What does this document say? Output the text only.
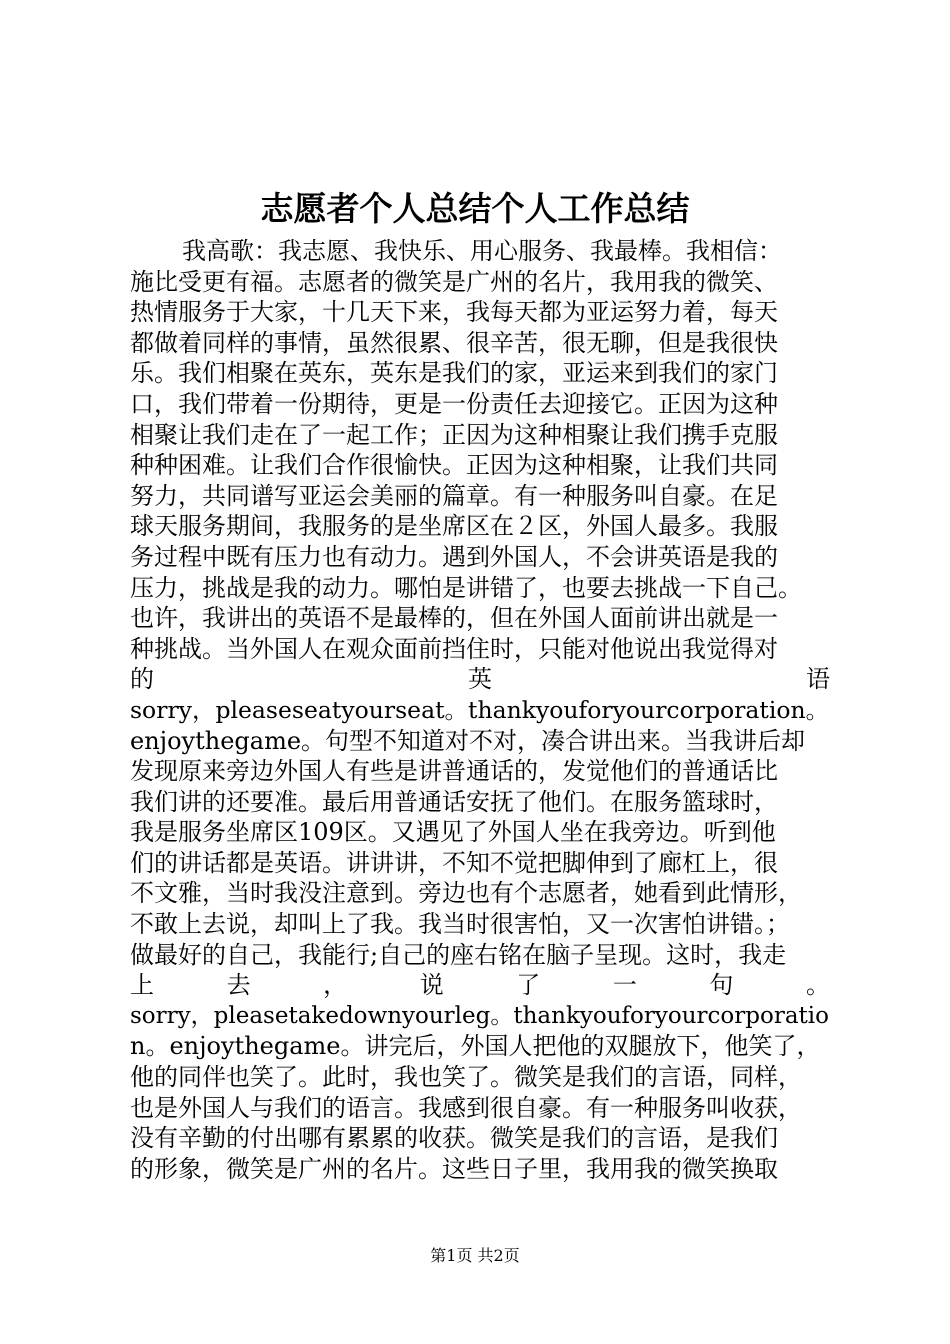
志愿者个人总结个人工作总结
我高歌：我志愿、我快乐、用心服务、我最棒。我相信：
施比受更有福。志愿者的微笑是广州的名片，我用我的微笑、
热情服务于大家，十几天下来，我每天都为亚运努力着，每天
都做着同样的事情，虽然很累、很辛苦，很无聊，但是我很快
乐。我们相聚在英东，英东是我们的家，亚运来到我们的家门
口，我们带着一份期待，更是一份责任去迎接它。正因为这种
相聚让我们走在了一起工作；正因为这种相聚让我们携手克服
种种困难。让我们合作很愉快。正因为这种相聚，让我们共同
努力，共同谱写亚运会美丽的篇章。有一种服务叫自豪。在足
球天服务期间，我服务的是坐席区在２区，外国人最多。我服
务过程中既有压力也有动力。遇到外国人，不会讲英语是我的
压力，挑战是我的动力。哪怕是讲错了，也要去挑战一下自己。
也许，我讲出的英语不是最棒的，但在外国人面前讲出就是一
种挑战。当外国人在观众面前挡住时，只能对他说出我觉得对
的	英	语
sorry，pleaseseatyourseat。thankyouforyourcorporation。
enjoythegame。句型不知道对不对，凑合讲出来。当我讲后却
发现原来旁边外国人有些是讲普通话的，发觉他们的普通话比
我们讲的还要准。最后用普通话安抚了他们。在服务篮球时，
我是服务坐席区109区。又遇见了外国人坐在我旁边。听到他
们的讲话都是英语。讲讲讲，不知不觉把脚伸到了廊杠上，很
不文雅，当时我没注意到。旁边也有个志愿者，她看到此情形，
不敢上去说，却叫上了我。我当时很害怕，又一次害怕讲错。；
做最好的自己，我能行;自己的座右铭在脑子呈现。这时，我走
上	去	，	说	了	一	句	。
sorry，pleasetakedownyourleg。thankyouforyourcorporatio
n。enjoythegame。讲完后，外国人把他的双腿放下，他笑了，
他的同伴也笑了。此时，我也笑了。微笑是我们的言语，同样，
也是外国人与我们的语言。我感到很自豪。有一种服务叫收获，
没有辛勤的付出哪有累累的收获。微笑是我们的言语，是我们
的形象，微笑是广州的名片。这些日子里，我用我的微笑换取
第1页 共2页
